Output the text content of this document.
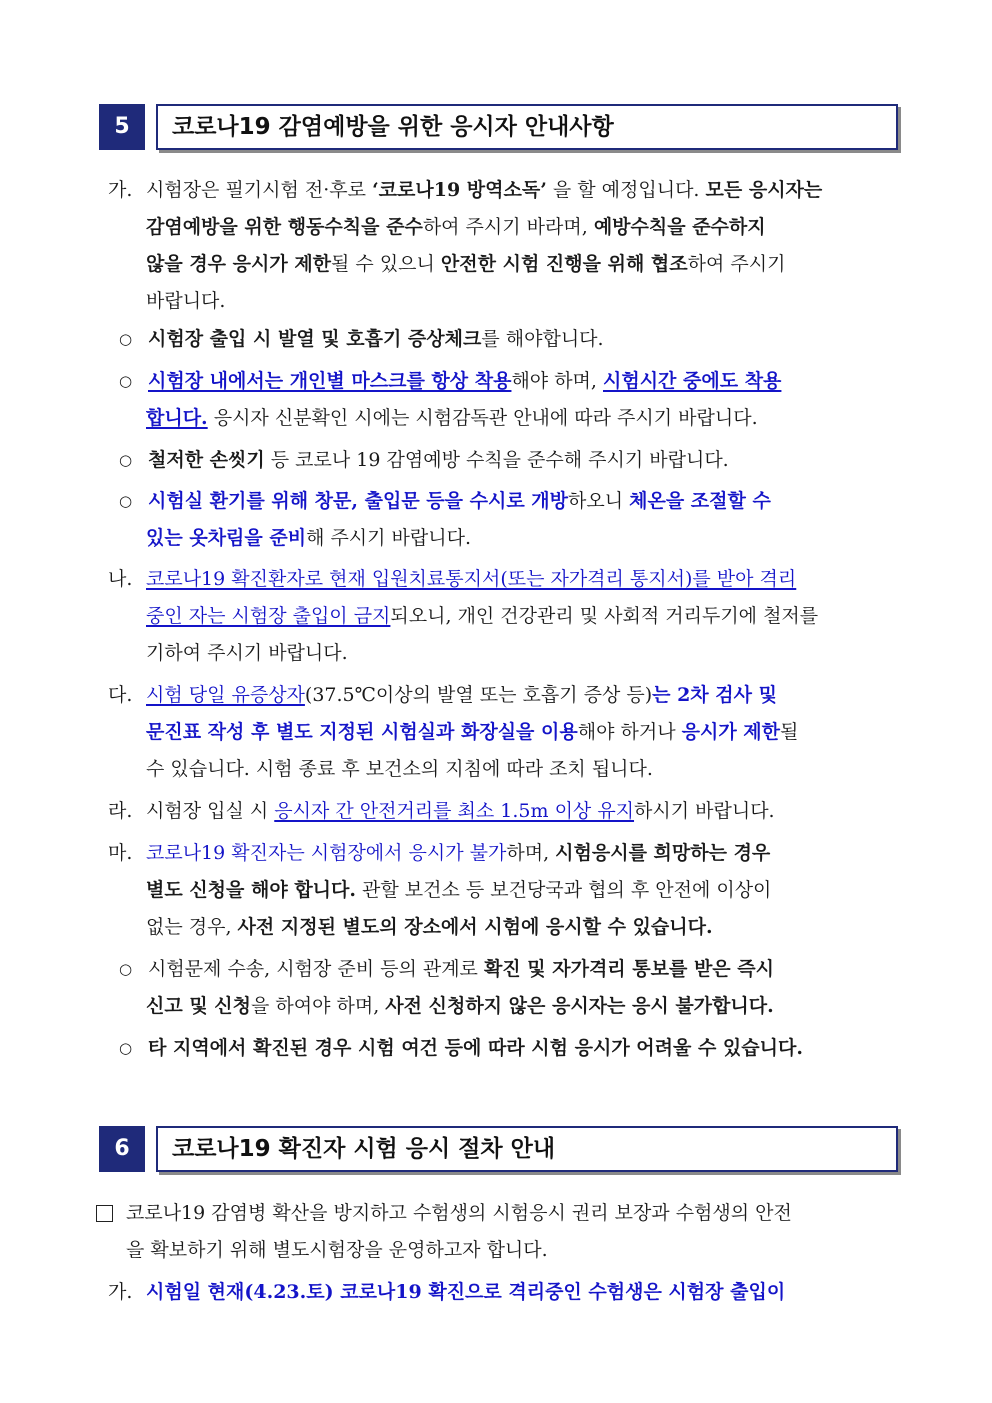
5	코로나19 감염예방을 위한 응시자 안내사항
가. 시험장은 필기시험 전·후로 ‘코로나19 방역소독’ 을 할 예정입니다. 모든 응시자는
감염예방을 위한 행동수칙을 준수하여 주시기 바라며, 예방수칙을 준수하지
않을 경우 응시가 제한될 수 있으니 안전한 시험 진행을 위해 협조하여 주시기
바랍니다.
○ 시험장 출입 시 발열 및 호흡기 증상체크를 해야합니다.
○ 시험장 내에서는 개인별 마스크를 항상 착용해야 하며, 시험시간 중에도 착용
합니다. 응시자 신분확인 시에는 시험감독관 안내에 따라 주시기 바랍니다.
○ 철저한 손씻기 등 코로나 19 감염예방 수칙을 준수해 주시기 바랍니다.
○ 시험실 환기를 위해 창문, 출입문 등을 수시로 개방하오니 체온을 조절할 수
있는 옷차림을 준비해 주시기 바랍니다.
나. 코로나19 확진환자로 현재 입원치료통지서(또는 자가격리 통지서)를 받아 격리
중인 자는 시험장 출입이 금지되오니, 개인 건강관리 및 사회적 거리두기에 철저를
기하여 주시기 바랍니다.
다. 시험 당일 유증상자(37.5℃이상의 발열 또는 호흡기 증상 등)는 2차 검사 및
문진표 작성 후 별도 지정된 시험실과 화장실을 이용해야 하거나 응시가 제한될
수 있습니다. 시험 종료 후 보건소의 지침에 따라 조치 됩니다.
라. 시험장 입실 시 응시자 간 안전거리를 최소 1.5m 이상 유지하시기 바랍니다.
마. 코로나19 확진자는 시험장에서 응시가 불가하며, 시험응시를 희망하는 경우
별도 신청을 해야 합니다. 관할 보건소 등 보건당국과 협의 후 안전에 이상이
없는 경우, 사전 지정된 별도의 장소에서 시험에 응시할 수 있습니다.
○ 시험문제 수송, 시험장 준비 등의 관계로 확진 및 자가격리 통보를 받은 즉시
신고 및 신청을 하여야 하며, 사전 신청하지 않은 응시자는 응시 불가합니다.
○ 타 지역에서 확진된 경우 시험 여건 등에 따라 시험 응시가 어려울 수 있습니다.
6	코로나19 확진자 시험 응시 절차 안내
코로나19 감염병 확산을 방지하고 수험생의 시험응시 권리 보장과 수험생의 안전
을 확보하기 위해 별도시험장을 운영하고자 합니다.
가. 시험일 현재(4.23.토) 코로나19 확진으로 격리중인 수험생은 시험장 출입이
